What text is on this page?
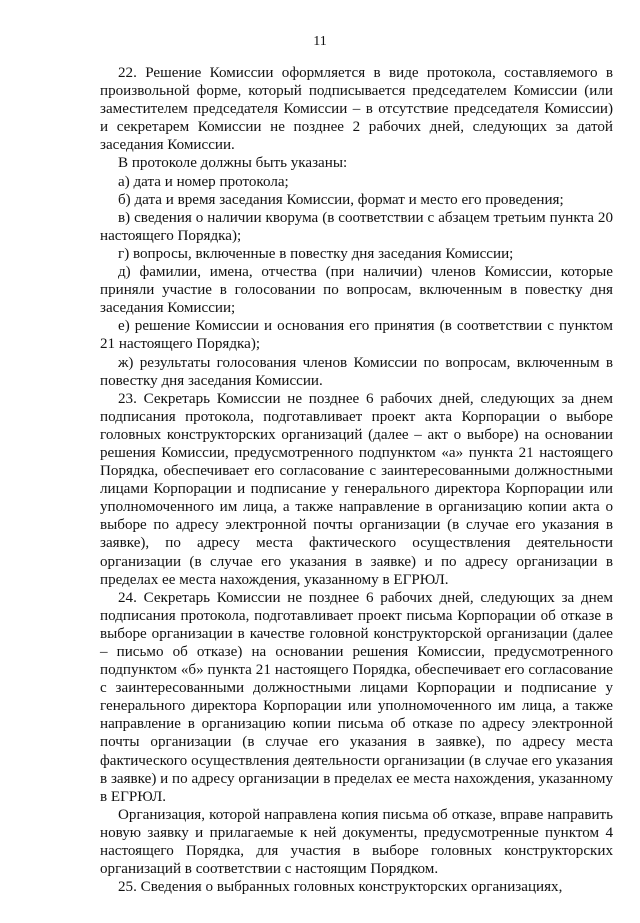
11

22. Решение Комиссии оформляется в виде протокола, составляемого в произвольной форме, который подписывается председателем Комиссии (или заместителем председателя Комиссии – в отсутствие председателя Комиссии) и секретарем Комиссии не позднее 2 рабочих дней, следующих за датой заседания Комиссии.

В протоколе должны быть указаны:

а) дата и номер протокола;

б) дата и время заседания Комиссии, формат и место его проведения;

в) сведения о наличии кворума (в соответствии с абзацем третьим пункта 20 настоящего Порядка);

г) вопросы, включенные в повестку дня заседания Комиссии;

д) фамилии, имена, отчества (при наличии) членов Комиссии, которые приняли участие в голосовании по вопросам, включенным в повестку дня заседания Комиссии;

е) решение Комиссии и основания его принятия (в соответствии с пунктом 21 настоящего Порядка);

ж) результаты голосования членов Комиссии по вопросам, включенным в повестку дня заседания Комиссии.

23. Секретарь Комиссии не позднее 6 рабочих дней, следующих за днем подписания протокола, подготавливает проект акта Корпорации о выборе головных конструкторских организаций (далее – акт о выборе) на основании решения Комиссии, предусмотренного подпунктом «а» пункта 21 настоящего Порядка, обеспечивает его согласование с заинтересованными должностными лицами Корпорации и подписание у генерального директора Корпорации или уполномоченного им лица, а также направление в организацию копии акта о выборе по адресу электронной почты организации (в случае его указания в заявке), по адресу места фактического осуществления деятельности организации (в случае его указания в заявке) и по адресу организации в пределах ее места нахождения, указанному в ЕГРЮЛ.

24. Секретарь Комиссии не позднее 6 рабочих дней, следующих за днем подписания протокола, подготавливает проект письма Корпорации об отказе в выборе организации в качестве головной конструкторской организации (далее – письмо об отказе) на основании решения Комиссии, предусмотренного подпунктом «б» пункта 21 настоящего Порядка, обеспечивает его согласование с заинтересованными должностными лицами Корпорации и подписание у генерального директора Корпорации или уполномоченного им лица, а также направление в организацию копии письма об отказе по адресу электронной почты организации (в случае его указания в заявке), по адресу места фактического осуществления деятельности организации (в случае его указания в заявке) и по адресу организации в пределах ее места нахождения, указанному в ЕГРЮЛ.

Организация, которой направлена копия письма об отказе, вправе направить новую заявку и прилагаемые к ней документы, предусмотренные пунктом 4 настоящего Порядка, для участия в выборе головных конструкторских организаций в соответствии с настоящим Порядком.

25. Сведения о выбранных головных конструкторских организациях,
